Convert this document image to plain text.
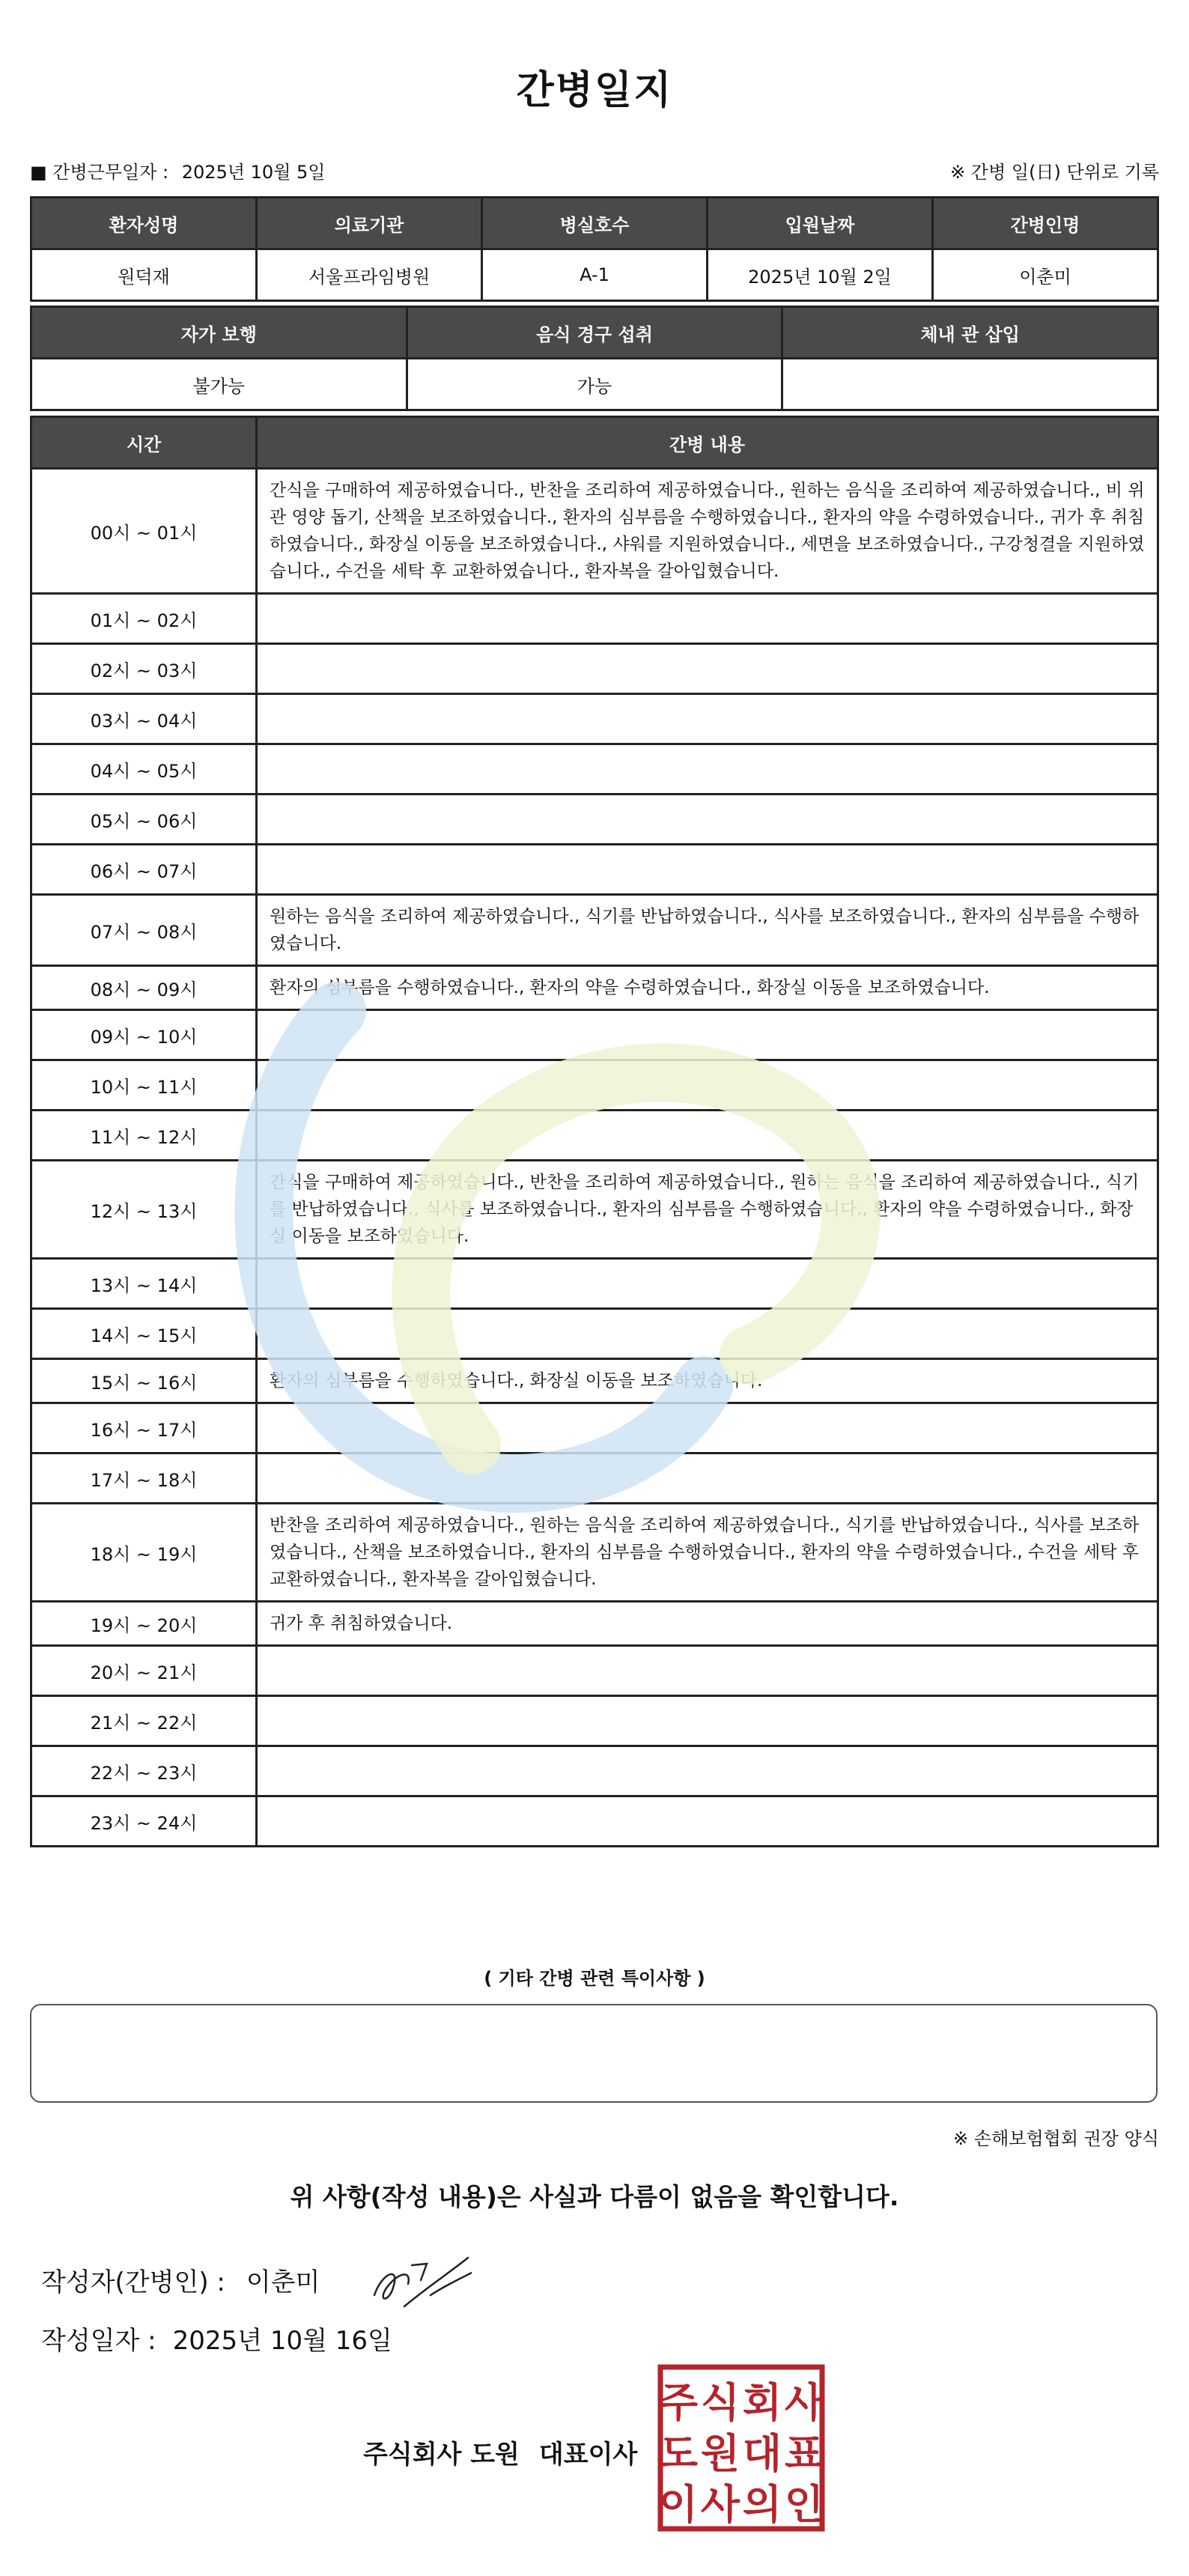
간병일지
■ 간병근무일자 : 2025년 10월 5일	※ 간병 일(日) 단위로 기록
환자성명	의료기관	병실호수	입원날짜	간병인명
원덕재	서울프라임병원	A-1	2025년 10월 2일	이춘미
자가 보행	음식 경구 섭취	체내 관 삽입
불가능	가능	
시간	간병 내용
00시 ~ 01시	간식을 구매하여 제공하였습니다., 반찬을 조리하여 제공하였습니다., 원하는 음식을 조리하여 제공하였습니다., 비 위관 영양 돕기, 산책을 보조하였습니다., 환자의 심부름을 수행하였습니다., 환자의 약을 수령하였습니다., 귀가 후 취침하였습니다., 화장실 이동을 보조하였습니다., 샤워를 지원하였습니다., 세면을 보조하였습니다., 구강청결을 지원하였습니다., 수건을 세탁 후 교환하였습니다., 환자복을 갈아입혔습니다.
01시 ~ 02시	
02시 ~ 03시	
03시 ~ 04시	
04시 ~ 05시	
05시 ~ 06시	
06시 ~ 07시	
07시 ~ 08시	원하는 음식을 조리하여 제공하였습니다., 식기를 반납하였습니다., 식사를 보조하였습니다., 환자의 심부름을 수행하였습니다.
08시 ~ 09시	환자의 심부름을 수행하였습니다., 환자의 약을 수령하였습니다., 화장실 이동을 보조하였습니다.
09시 ~ 10시	
10시 ~ 11시	
11시 ~ 12시	
12시 ~ 13시	간식을 구매하여 제공하였습니다., 반찬을 조리하여 제공하였습니다., 원하는 음식을 조리하여 제공하였습니다., 식기를 반납하였습니다., 식사를 보조하였습니다., 환자의 심부름을 수행하였습니다., 환자의 약을 수령하였습니다., 화장실 이동을 보조하였습니다.
13시 ~ 14시	
14시 ~ 15시	
15시 ~ 16시	환자의 심부름을 수행하였습니다., 화장실 이동을 보조하였습니다.
16시 ~ 17시	
17시 ~ 18시	
18시 ~ 19시	반찬을 조리하여 제공하였습니다., 원하는 음식을 조리하여 제공하였습니다., 식기를 반납하였습니다., 식사를 보조하였습니다., 산책을 보조하였습니다., 환자의 심부름을 수행하였습니다., 환자의 약을 수령하였습니다., 수건을 세탁 후 교환하였습니다., 환자복을 갈아입혔습니다.
19시 ~ 20시	귀가 후 취침하였습니다.
20시 ~ 21시	
21시 ~ 22시	
22시 ~ 23시	
23시 ~ 24시	
( 기타 간병 관련 특이사항 )
※ 손해보험협회 권장 양식
위 사항(작성 내용)은 사실과 다름이 없음을 확인합니다.
작성자(간병인) : 이춘미
작성일자 : 2025년 10월 16일
주식회사 도원 대표이사
주 식 회 사
도 원 대 표
이 사 의 인
